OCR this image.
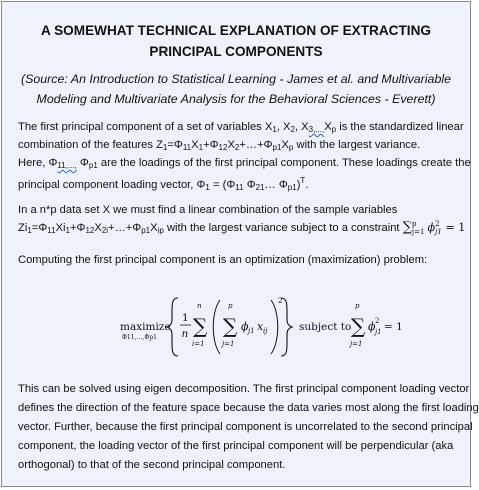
A SOMEWHAT TECHNICAL EXPLANATION OF EXTRACTING
PRINCIPAL COMPONENTS
(Source: An Introduction to Statistical Learning - James et al. and Multivariable
Modeling and Multivariate Analysis for the Behavioral Sciences - Everett)
The first principal component of a set of variables $X_1$, $X_2$, $X_{3,...,}X_p$ is the standardized linear
combination of the features $Z_1=\Phi_{11}X_1+\Phi_{12}X_2+\dots+\Phi_{p1}X_p$ with the largest variance.
Here, $\Phi_{11,...,}$ $\Phi_{p1}$ are the loadings of the first principal component. These loadings create the
principal component loading vector, $\Phi_1 = (\Phi_{11}$ $\Phi_{21}\dots$ $\Phi_{p1})^T$.
In a n*p data set X we must find a linear combination of the sample variables
$Zi_1=\Phi_{11}Xi_1+\Phi_{12}X_{2i}+\dots+\Phi_{p1}X_{ip}$ with the largest variance subject to a constraint ∑ p
j=1 ϕ 2
j1 = 1
Computing the first principal component is an optimization (maximization) problem:
maximize
Φ11,…,Φp1
1
n
n
∑
i=1
p
∑
j=1
ϕ j1 x ij
2
subject to
p
∑
j=1
ϕ 2
j1 = 1
This can be solved using eigen decomposition. The first principal component loading vector
defines the direction of the feature space because the data varies most along the first loading
vector. Further, because the first principal component is uncorrelated to the second principal
component, the loading vector of the first principal component will be perpendicular (aka
orthogonal) to that of the second principal component.
